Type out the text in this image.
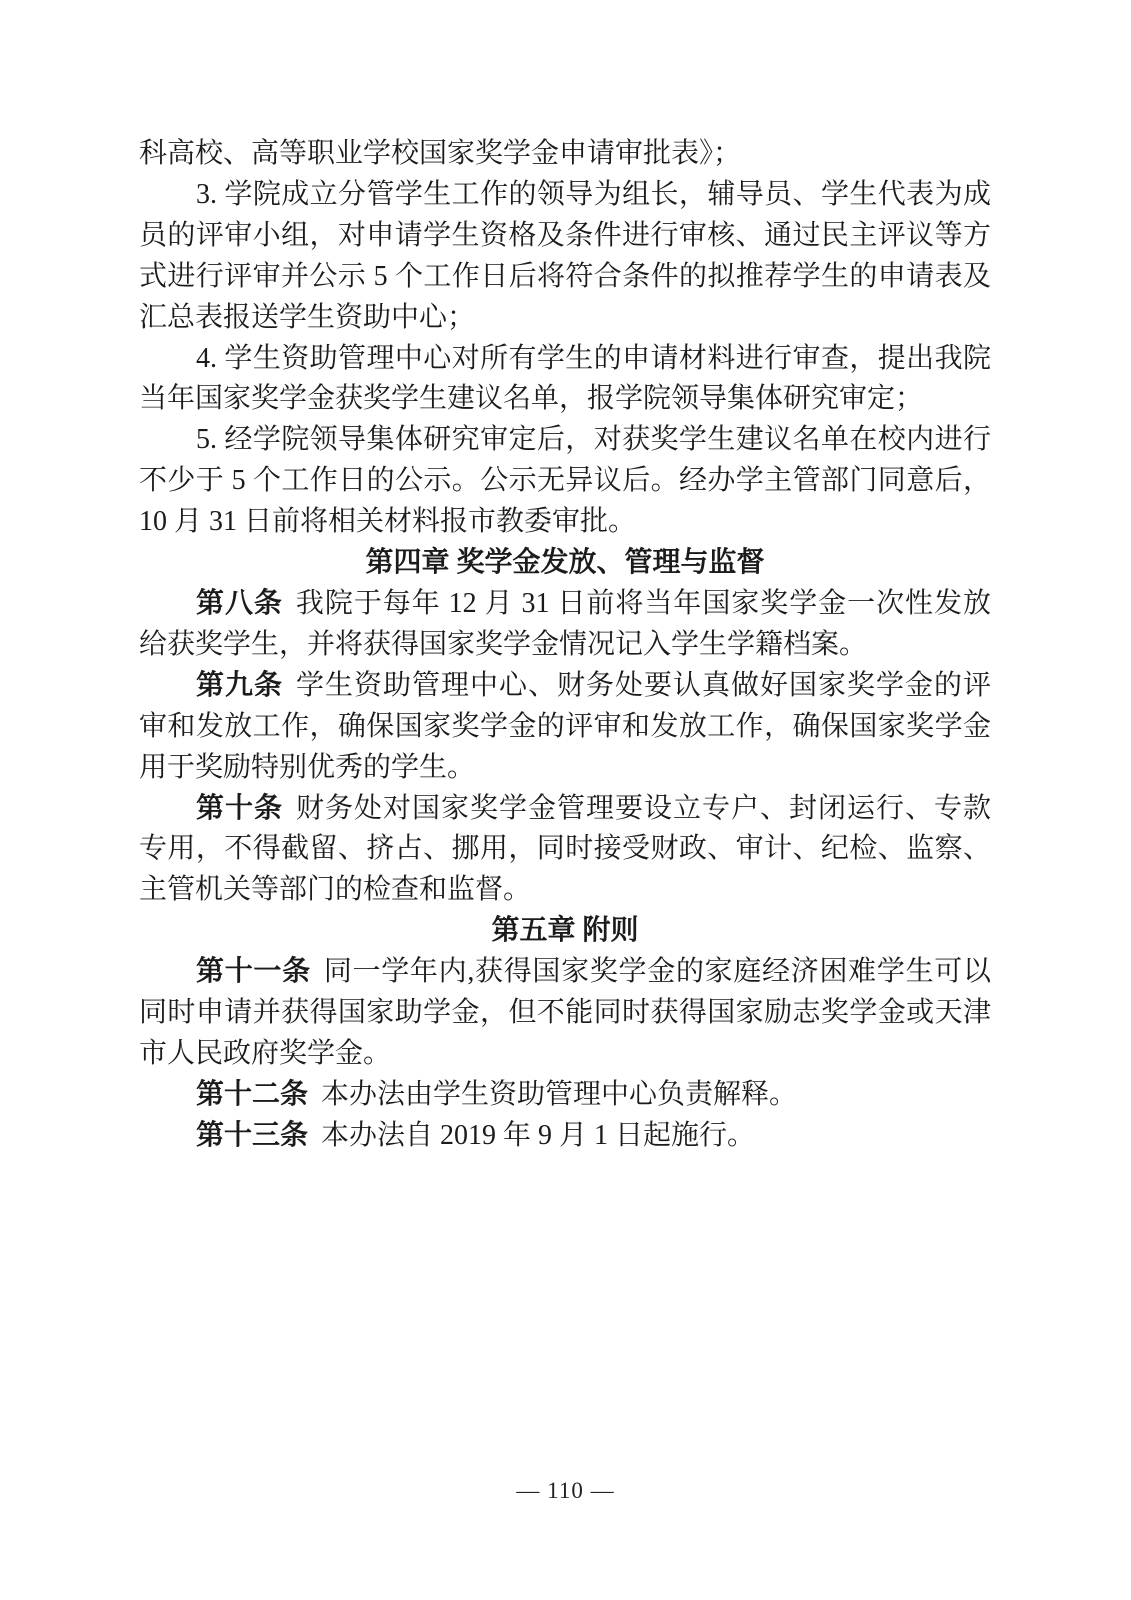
科高校、高等职业学校国家奖学金申请审批表》；

3. 学院成立分管学生工作的领导为组长，辅导员、学生代表为成员的评审小组，对申请学生资格及条件进行审核、通过民主评议等方式进行评审并公示 5 个工作日后将符合条件的拟推荐学生的申请表及汇总表报送学生资助中心；

4. 学生资助管理中心对所有学生的申请材料进行审查，提出我院当年国家奖学金获奖学生建议名单，报学院领导集体研究审定；

5. 经学院领导集体研究审定后，对获奖学生建议名单在校内进行不少于 5 个工作日的公示。公示无异议后。经办学主管部门同意后，10 月 31 日前将相关材料报市教委审批。

第四章 奖学金发放、管理与监督

第八条 我院于每年 12 月 31 日前将当年国家奖学金一次性发放给获奖学生，并将获得国家奖学金情况记入学生学籍档案。

第九条 学生资助管理中心、财务处要认真做好国家奖学金的评审和发放工作，确保国家奖学金的评审和发放工作，确保国家奖学金用于奖励特别优秀的学生。

第十条 财务处对国家奖学金管理要设立专户、封闭运行、专款专用，不得截留、挤占、挪用，同时接受财政、审计、纪检、监察、主管机关等部门的检查和监督。

第五章 附则

第十一条 同一学年内,获得国家奖学金的家庭经济困难学生可以同时申请并获得国家助学金，但不能同时获得国家励志奖学金或天津市人民政府奖学金。

第十二条 本办法由学生资助管理中心负责解释。

第十三条 本办法自 2019 年 9 月 1 日起施行。

— 110 —
